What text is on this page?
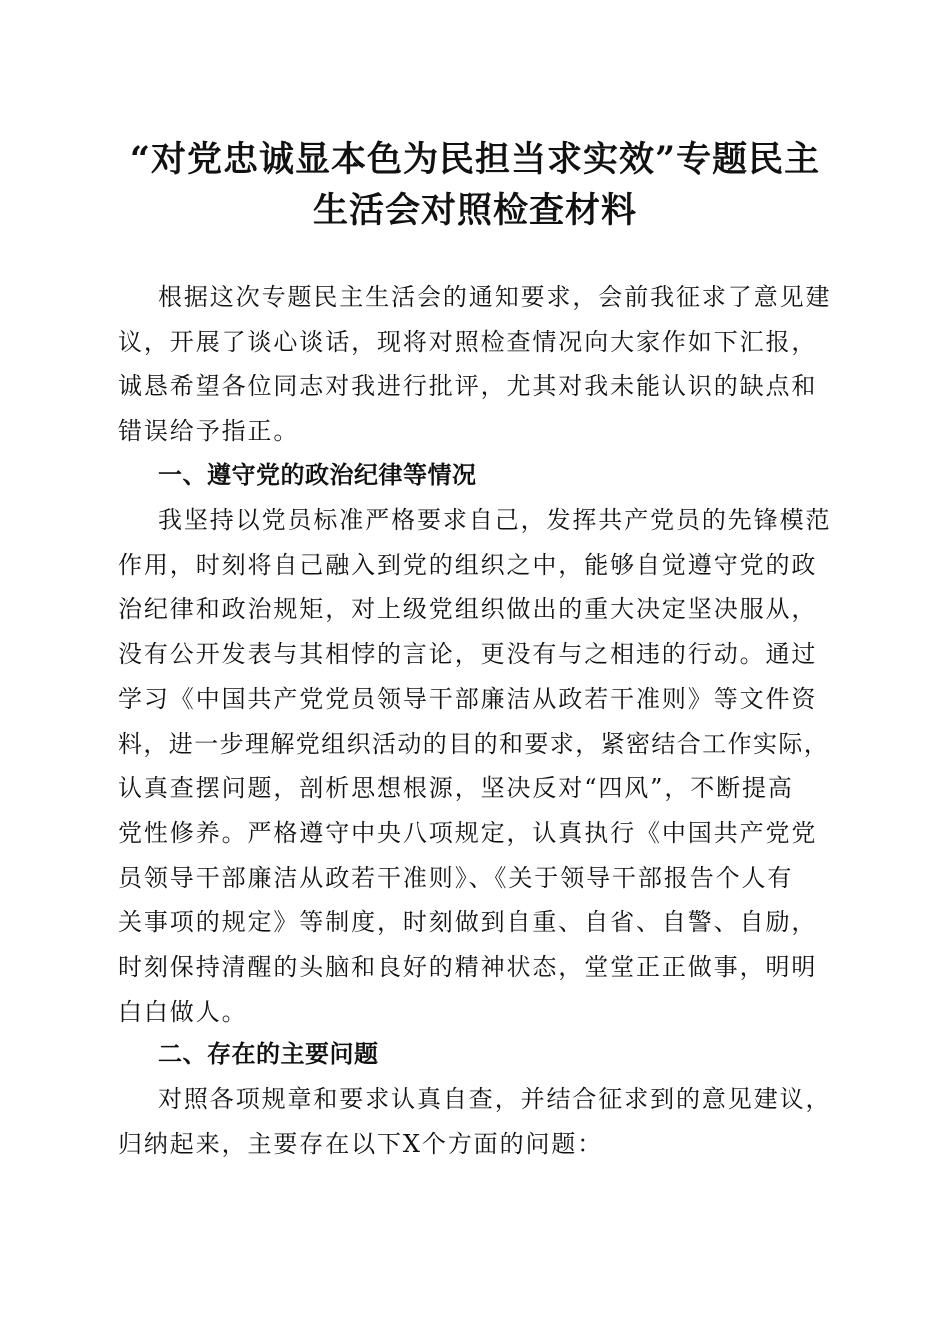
“对党忠诚显本色为民担当求实效”专题民主
生活会对照检查材料

根据这次专题民主生活会的通知要求，会前我征求了意见建
议，开展了谈心谈话，现将对照检查情况向大家作如下汇报，
诚恳希望各位同志对我进行批评，尤其对我未能认识的缺点和
错误给予指正。

一、遵守党的政治纪律等情况

我坚持以党员标准严格要求自己，发挥共产党员的先锋模范
作用，时刻将自己融入到党的组织之中，能够自觉遵守党的政
治纪律和政治规矩，对上级党组织做出的重大决定坚决服从，
没有公开发表与其相悖的言论，更没有与之相违的行动。通过
学习《中国共产党党员领导干部廉洁从政若干准则》等文件资
料，进一步理解党组织活动的目的和要求，紧密结合工作实际，
认真查摆问题，剖析思想根源，坚决反对“四风”，不断提高
党性修养。严格遵守中央八项规定，认真执行《中国共产党党
员领导干部廉洁从政若干准则》、《关于领导干部报告个人有
关事项的规定》等制度，时刻做到自重、自省、自警、自励，
时刻保持清醒的头脑和良好的精神状态，堂堂正正做事，明明
白白做人。

二、存在的主要问题

对照各项规章和要求认真自查，并结合征求到的意见建议，
归纳起来，主要存在以下X个方面的问题：
